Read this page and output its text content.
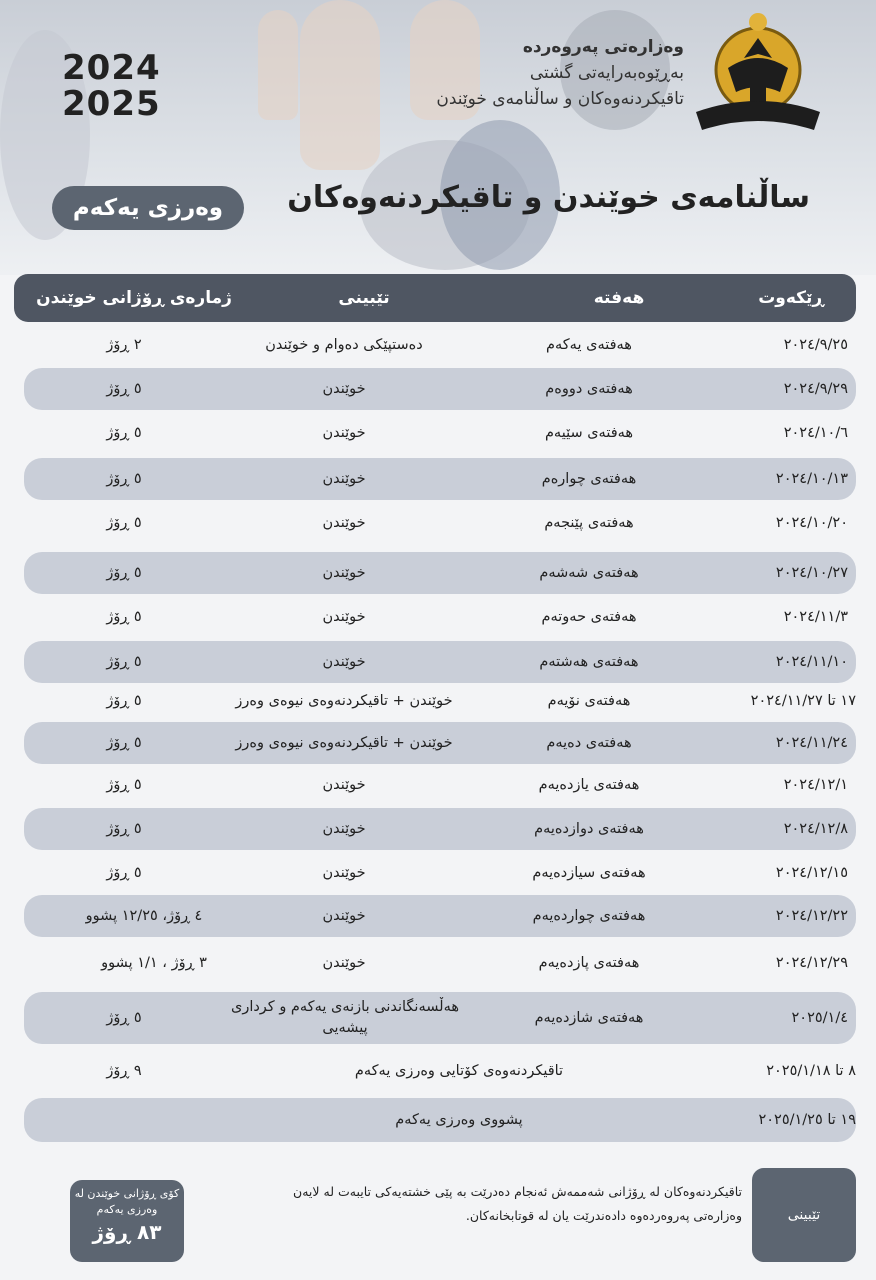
2024
2025
وەزارەتی پەروەردە
بەڕێوەبەرایەتی گشتی
تاقیکردنەوەکان و ساڵنامەی خوێندن
ساڵنامەی خوێندن و تاقیکردنەوەکان
وەرزی یەکەم
ڕێکەوت
هەفتە
تێبینی
ژمارەی ڕۆژانی خوێندن
٢٠٢٤/٩/٢٥
هەفتەی یەکەم
دەستپێکی دەوام و خوێندن
٢ ڕۆژ
٢٠٢٤/٩/٢٩
هەفتەی دووەم
خوێندن
٥ ڕۆژ
٢٠٢٤/١٠/٦
هەفتەی سێیەم
خوێندن
٥ ڕۆژ
٢٠٢٤/١٠/١٣
هەفتەی چوارەم
خوێندن
٥ ڕۆژ
٢٠٢٤/١٠/٢٠
هەفتەی پێنجەم
خوێندن
٥ ڕۆژ
٢٠٢٤/١٠/٢٧
هەفتەی شەشەم
خوێندن
٥ ڕۆژ
٢٠٢٤/١١/٣
هەفتەی حەوتەم
خوێندن
٥ ڕۆژ
٢٠٢٤/١١/١٠
هەفتەی هەشتەم
خوێندن
٥ ڕۆژ
١٧ تا ٢٠٢٤/١١/٢٧
هەفتەی نۆیەم
خوێندن + تاقیکردنەوەی نیوەی وەرز
٥ ڕۆژ
٢٠٢٤/١١/٢٤
هەفتەی دەیەم
خوێندن + تاقیکردنەوەی نیوەی وەرز
٥ ڕۆژ
٢٠٢٤/١٢/١
هەفتەی یازدەیەم
خوێندن
٥ ڕۆژ
٢٠٢٤/١٢/٨
هەفتەی دوازدەیەم
خوێندن
٥ ڕۆژ
٢٠٢٤/١٢/١٥
هەفتەی سیازدەیەم
خوێندن
٥ ڕۆژ
٢٠٢٤/١٢/٢٢
هەفتەی چواردەیەم
خوێندن
٤ ڕۆژ، ١٢/٢٥ پشوو
٢٠٢٤/١٢/٢٩
هەفتەی پازدەیەم
خوێندن
٣ ڕۆژ ، ١/١ پشوو
٢٠٢٥/١/٤
هەفتەی شازدەیەم
هەڵسەنگاندنی بازنەی یەکەم و کرداری پیشەیی
٥ ڕۆژ
٨ تا ٢٠٢٥/١/١٨
تاقیکردنەوەی کۆتایی وەرزی یەکەم
٩ ڕۆژ
١٩ تا ٢٠٢٥/١/٢٥
پشووی وەرزی یەکەم
تێبینی
تاقیکردنەوەکان لە ڕۆژانی شەممەش ئەنجام دەدرێت بە پێی خشتەیەکی تایبەت لە لایەن وەزارەتی پەروەردەوە دادەندرێت یان لە قوتابخانەکان.
کۆی ڕۆژانی خوێندن لە وەرزی یەکەم
٨٣ ڕۆژ
